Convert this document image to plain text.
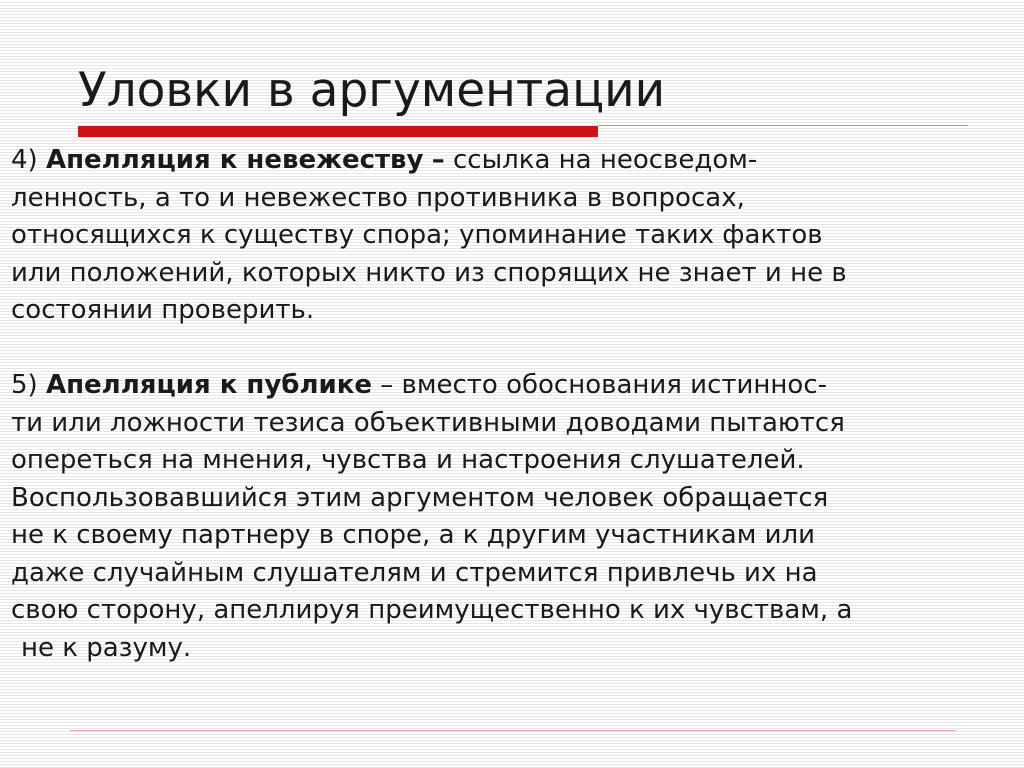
Уловки в аргументации

4) Апелляция к невежеству – ссылка на неосведом-
ленность, а то и невежество противника в вопросах,
относящихся к существу спора; упоминание таких фактов
или положений, которых никто из спорящих не знает и не в
состоянии проверить.

5) Апелляция к публике – вместо обоснования истиннос-
ти или ложности тезиса объективными доводами пытаются
опереться на мнения, чувства и настроения слушателей.
Воспользовавшийся этим аргументом человек обращается
не к своему партнеру в споре, а к другим участникам или
даже случайным слушателям и стремится привлечь их на
свою сторону, апеллируя преимущественно к их чувствам, а
не к разуму.
